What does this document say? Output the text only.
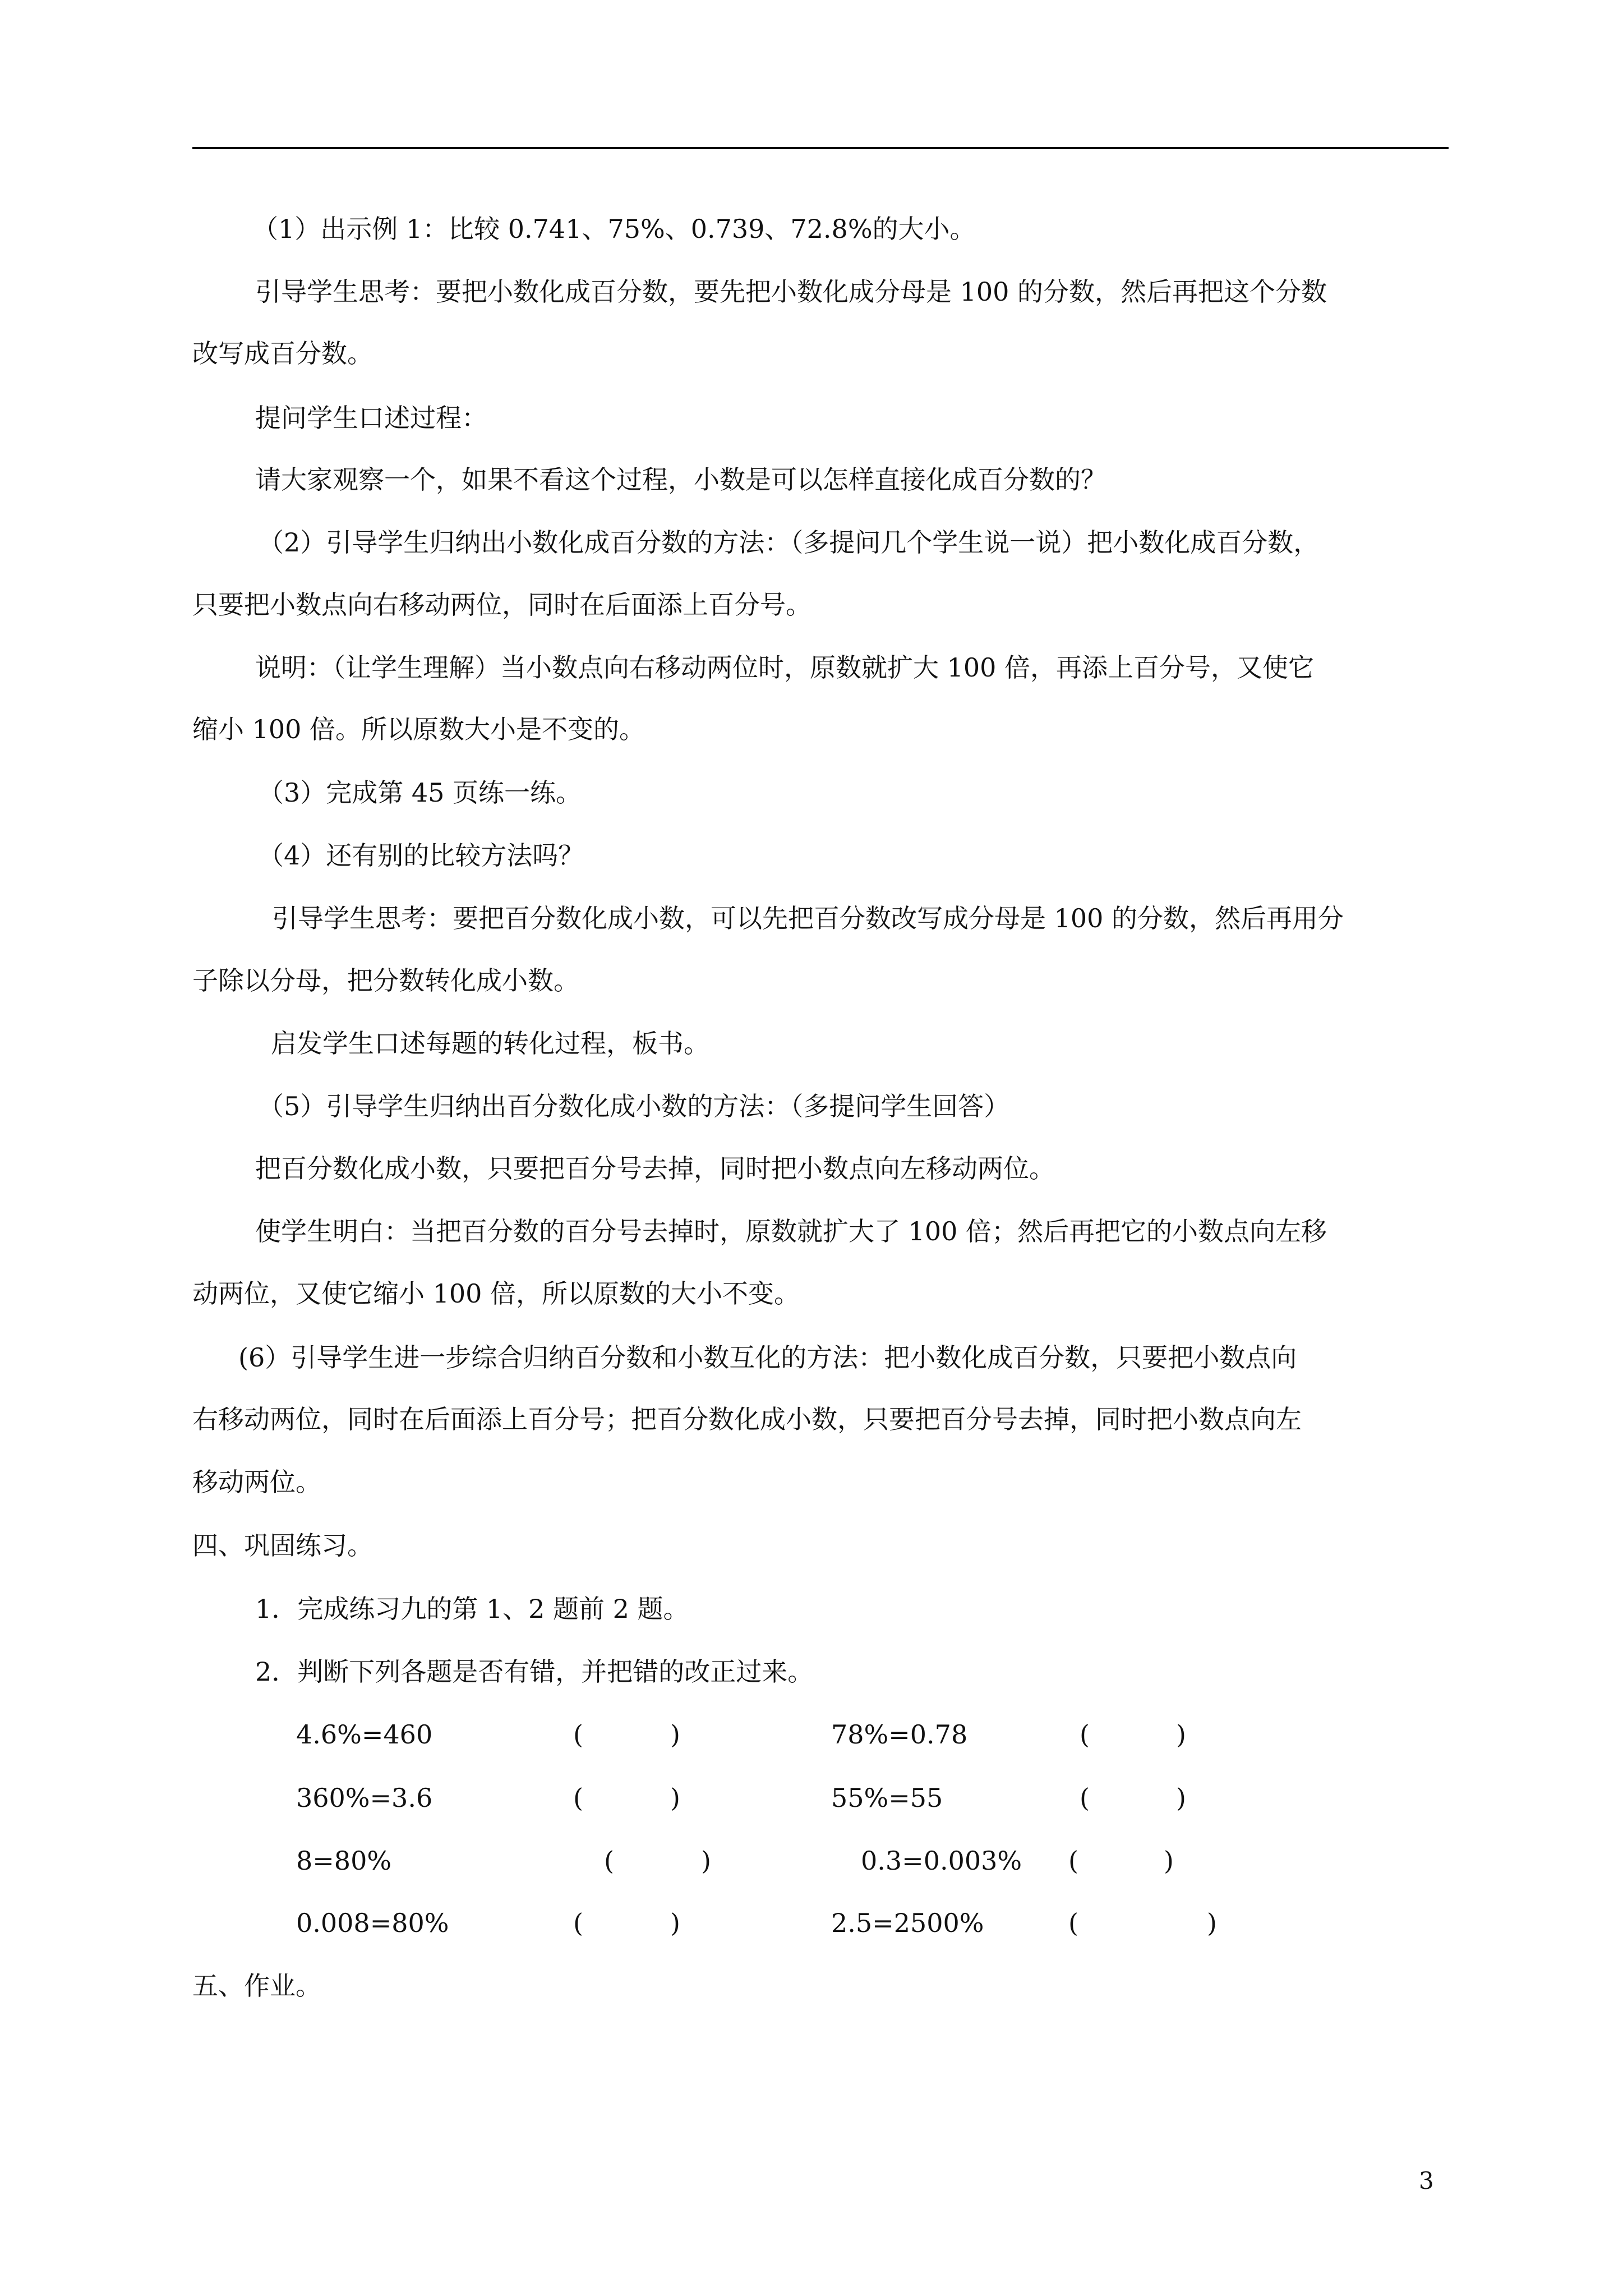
（1）出示例 1：比较 0.741、75%、0.739、72.8%的大小。
引导学生思考：要把小数化成百分数，要先把小数化成分母是 100 的分数，然后再把这个分数
改写成百分数。
提问学生口述过程：
请大家观察一个，如果不看这个过程，小数是可以怎样直接化成百分数的？
（2）引导学生归纳出小数化成百分数的方法：（多提问几个学生说一说）把小数化成百分数，
只要把小数点向右移动两位，同时在后面添上百分号。
说明：（让学生理解）当小数点向右移动两位时，原数就扩大 100 倍，再添上百分号，又使它
缩小 100 倍。所以原数大小是不变的。
（3）完成第 45 页练一练。
（4）还有别的比较方法吗？
引导学生思考：要把百分数化成小数，可以先把百分数改写成分母是 100 的分数，然后再用分
子除以分母，把分数转化成小数。
启发学生口述每题的转化过程，板书。
（5）引导学生归纳出百分数化成小数的方法：（多提问学生回答）
把百分数化成小数，只要把百分号去掉，同时把小数点向左移动两位。
使学生明白：当把百分数的百分号去掉时，原数就扩大了 100 倍；然后再把它的小数点向左移
动两位，又使它缩小 100 倍，所以原数的大小不变。
(6）引导学生进一步综合归纳百分数和小数互化的方法：把小数化成百分数，只要把小数点向
右移动两位，同时在后面添上百分号；把百分数化成小数，只要把百分号去掉，同时把小数点向左
移动两位。
四、巩固练习。
1．完成练习九的第 1、2 题前 2 题。
2．判断下列各题是否有错，并把错的改正过来。
4.6%=460	(	)	78%=0.78	(	)
360%=3.6	(	)	55%=55	(	)
8=80%	(	)	0.3=0.003% (	)
0.008=80%	(	)	2.5=2500%	(	)
五、作业。
3
